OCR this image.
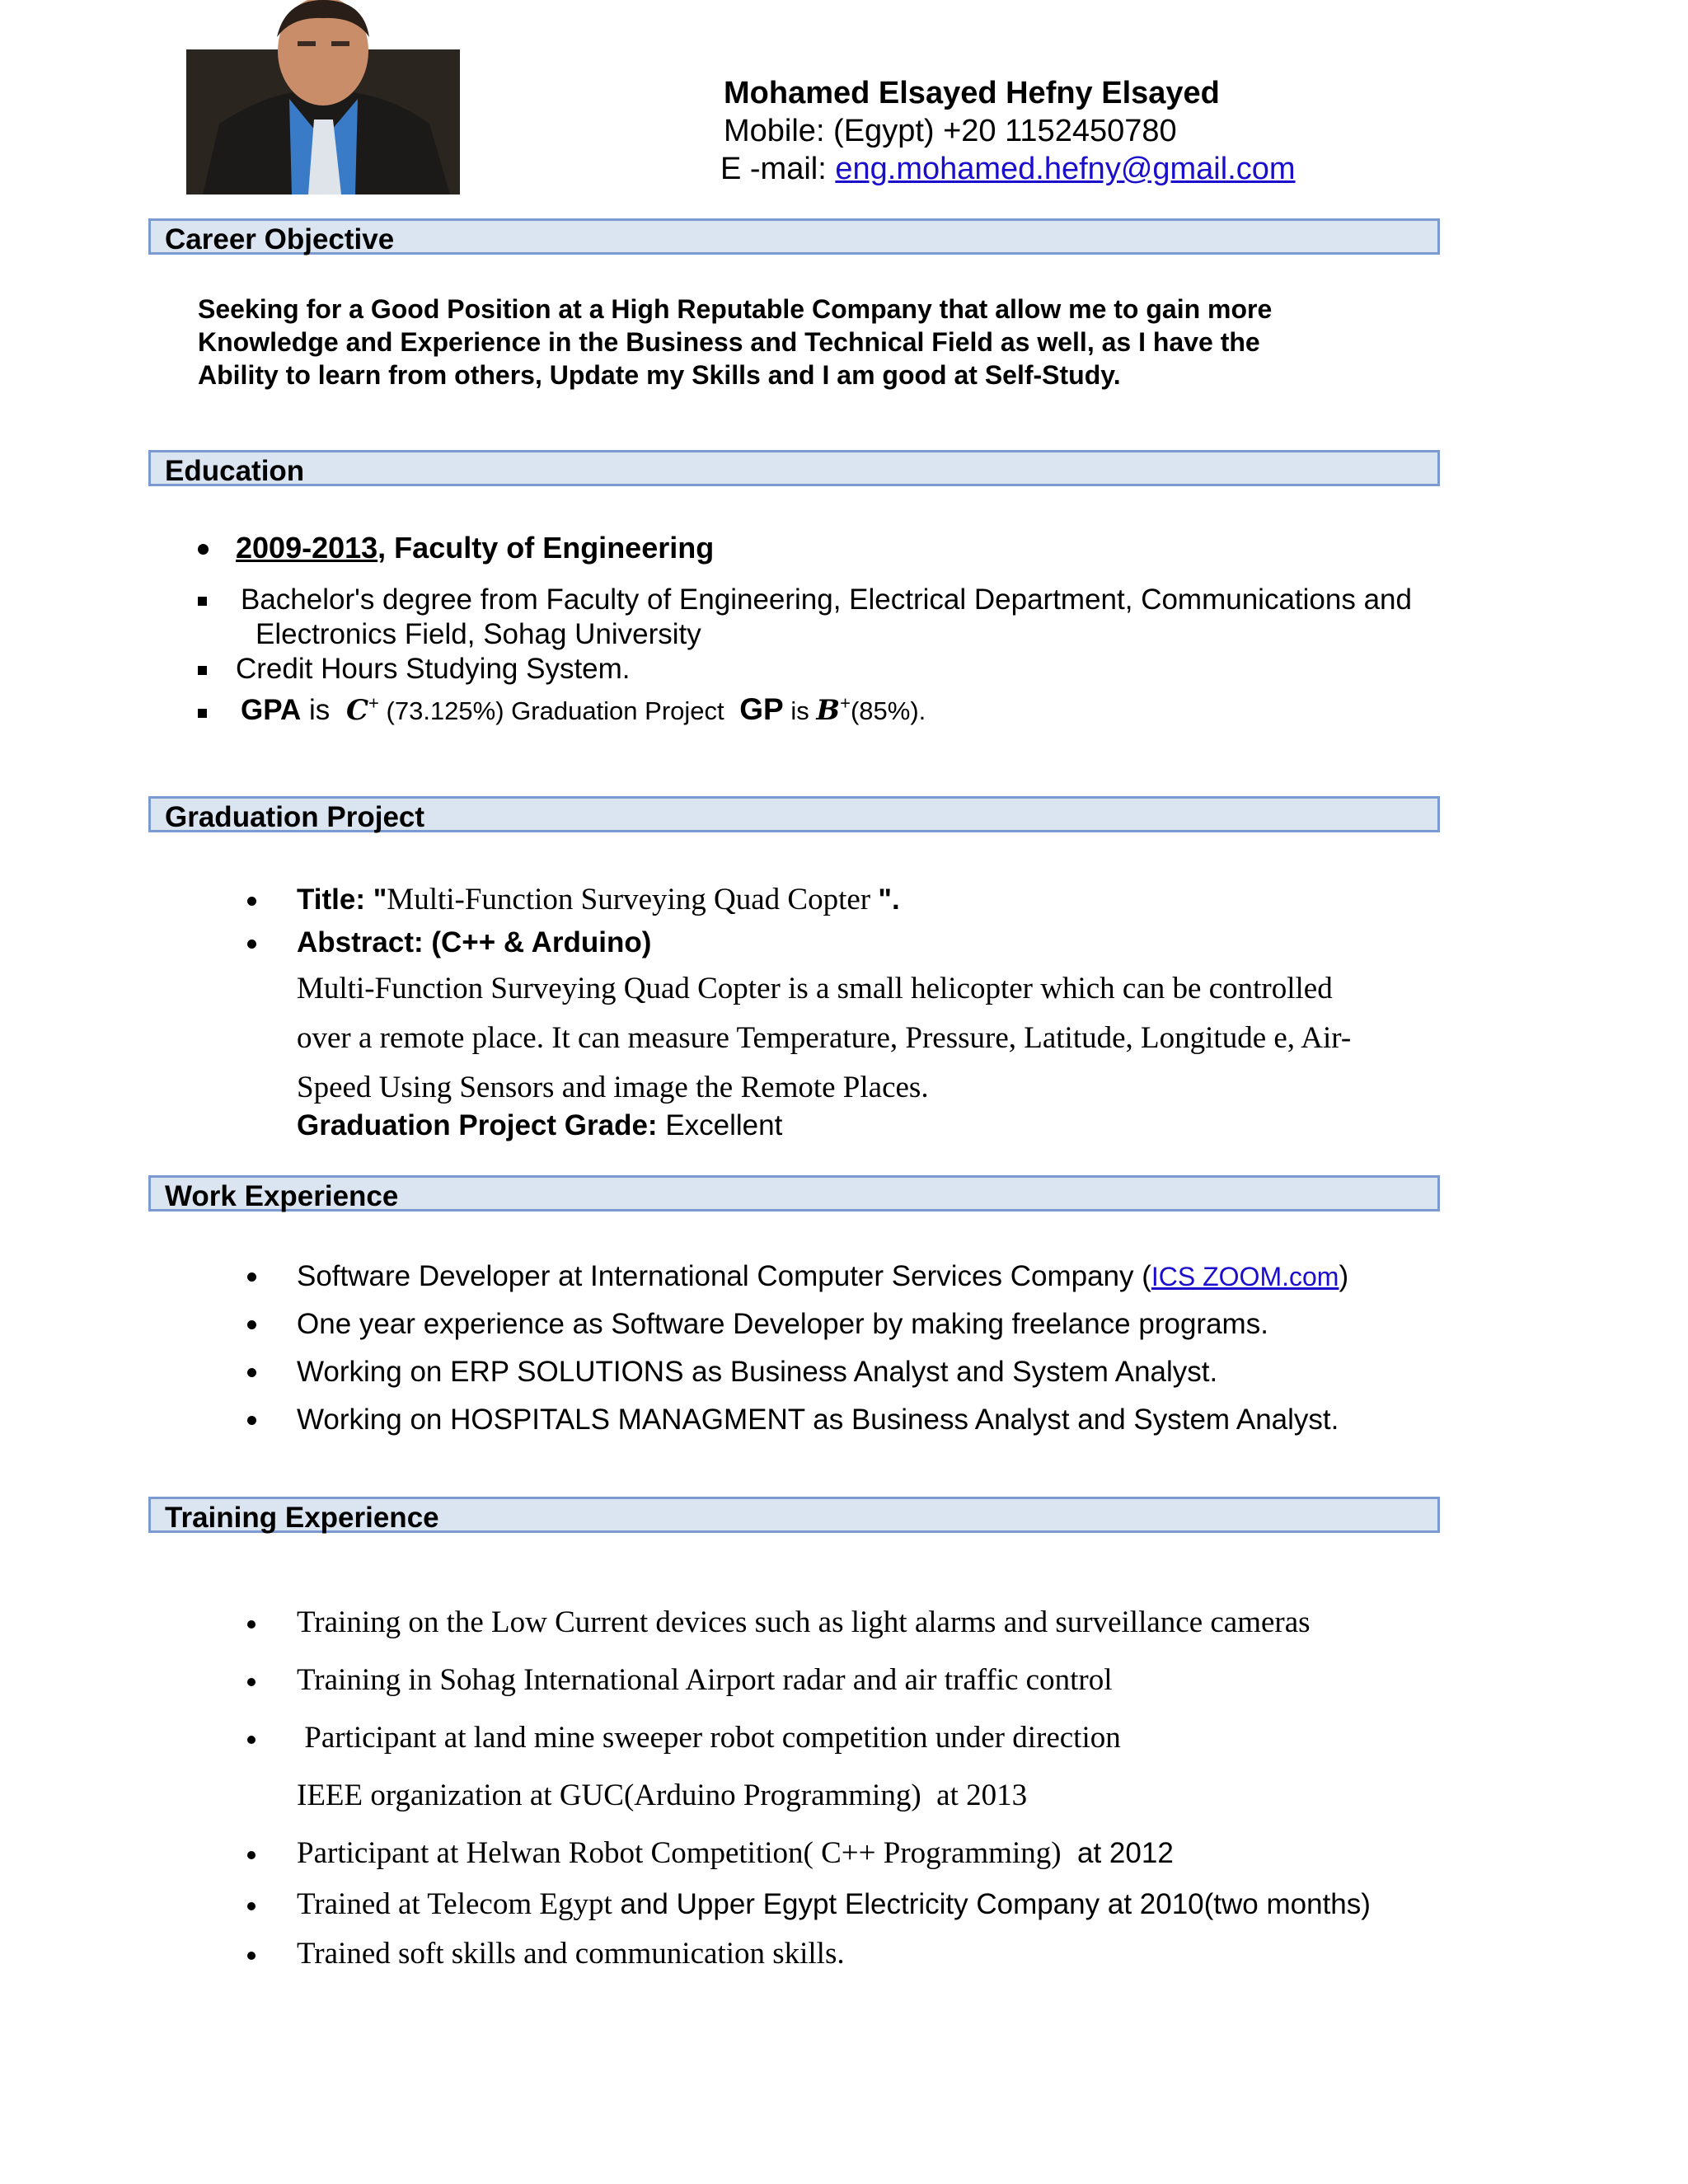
Mohamed Elsayed Hefny Elsayed
Mobile: (Egypt) +20 1152450780
E -mail: eng.mohamed.hefny@gmail.com
Career Objective
Seeking for a Good Position at a High Reputable Company that allow me to gain more
Knowledge and Experience in the Business and Technical Field as well, as I have the
Ability to learn from others, Update my Skills and I am good at Self-Study.
Education
2009-2013, Faculty of Engineering
Bachelor's degree from Faculty of Engineering, Electrical Department, Communications and
Electronics Field, Sohag University
Credit Hours Studying System.
GPA is C+ (73.125%) Graduation Project GP is B+(85%).
Graduation Project
Title: "Multi-Function Surveying Quad Copter ".
Abstract: (C++ & Arduino)
Multi-Function Surveying Quad Copter is a small helicopter which can be controlled
over a remote place. It can measure Temperature, Pressure, Latitude, Longitude e, Air-
Speed Using Sensors and image the Remote Places.
Graduation Project Grade: Excellent
Work Experience
Software Developer at International Computer Services Company (ICS ZOOM.com)
One year experience as Software Developer by making freelance programs.
Working on ERP SOLUTIONS as Business Analyst and System Analyst.
Working on HOSPITALS MANAGMENT as Business Analyst and System Analyst.
Training Experience
Training on the Low Current devices such as light alarms and surveillance cameras
Training in Sohag International Airport radar and air traffic control
Participant at land mine sweeper robot competition under direction
IEEE organization at GUC(Arduino Programming)  at 2013
Participant at Helwan Robot Competition( C++ Programming)  at 2012
Trained at Telecom Egypt and Upper Egypt Electricity Company at 2010(two months)
Trained soft skills and communication skills.
